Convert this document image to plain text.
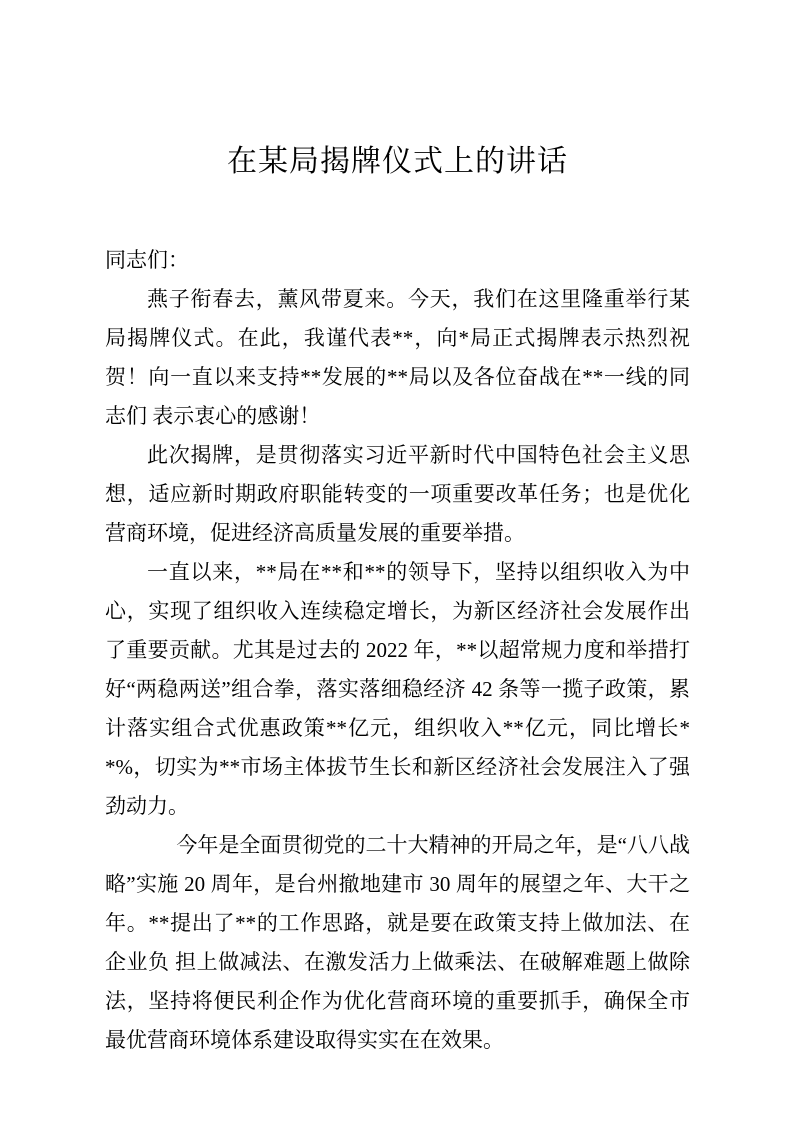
在某局揭牌仪式上的讲话

同志们：

燕子衔春去，薰风带夏来。今天，我们在这里隆重举行某局揭牌仪式。在此，我谨代表**，向*局正式揭牌表示热烈祝贺！向一直以来支持**发展的**局以及各位奋战在**一线的同志们 表示衷心的感谢！

此次揭牌，是贯彻落实习近平新时代中国特色社会主义思 想，适应新时期政府职能转变的一项重要改革任务；也是优化营商环境，促进经济高质量发展的重要举措。

一直以来，**局在**和**的领导下，坚持以组织收入为中心，实现了组织收入连续稳定增长，为新区经济社会发展作出了重要贡献。尤其是过去的 2022 年，**以超常规力度和举措打好“两稳两送”组合拳，落实落细稳经济 42 条等一揽子政策，累计落实组合式优惠政策**亿元，组织收入**亿元，同比增长**%，切实为**市场主体拔节生长和新区经济社会发展注入了强劲动力。

今年是全面贯彻党的二十大精神的开局之年，是“八八战略”实施 20 周年，是台州撤地建市 30 周年的展望之年、大干之年。**提出了**的工作思路，就是要在政策支持上做加法、在企业负 担上做减法、在激发活力上做乘法、在破解难题上做除法，坚持将便民利企作为优化营商环境的重要抓手，确保全市最优营商环境体系建设取得实实在在效果。
